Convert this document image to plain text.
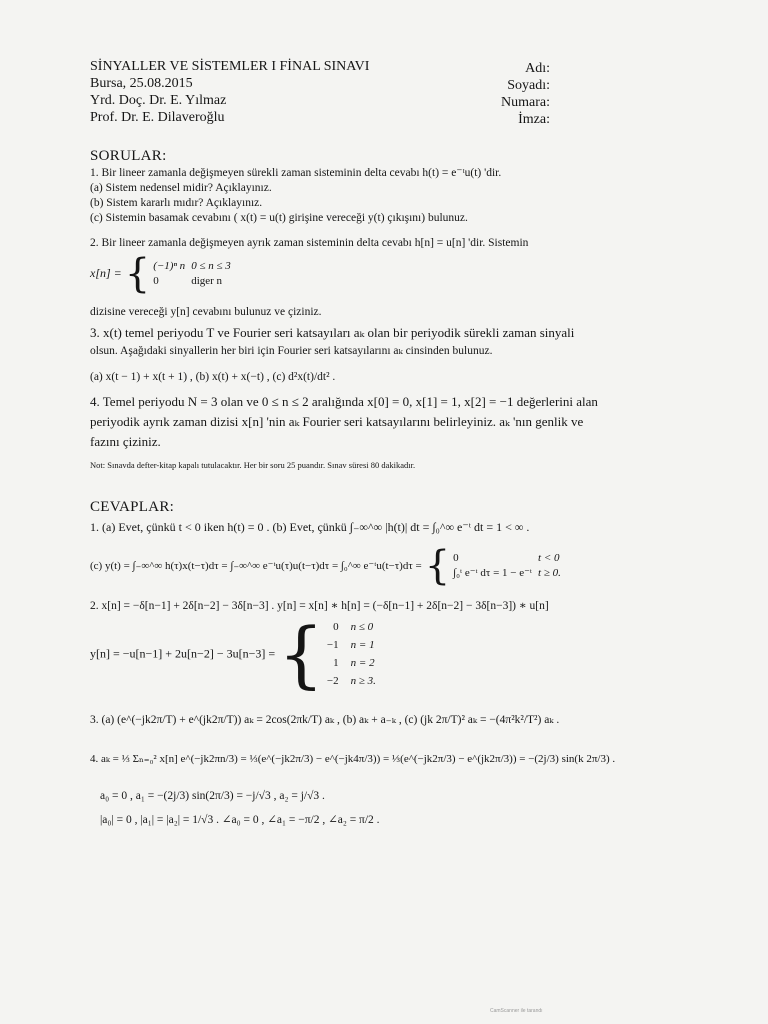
SİNYALLER VE SİSTEMLER I FİNAL SINAVI
Bursa, 25.08.2015
Yrd. Doç. Dr. E. Yılmaz
Prof. Dr. E. Dilaveroğlu
Adı:
Soyadı:
Numara:
İmza:
SORULAR:
1. Bir lineer zamanla değişmeyen sürekli zaman sisteminin delta cevabı h(t) = e⁻ᵗu(t) 'dir.
(a) Sistem nedensel midir? Açıklayınız.
(b) Sistem kararlı mıdır? Açıklayınız.
(c) Sistemin basamak cevabını ( x(t) = u(t) girişine vereceği y(t) çıkışını) bulunuz.
2. Bir lineer zamanla değişmeyen ayrık zaman sisteminin delta cevabı h[n] = u[n] 'dir. Sistemin
x[n] = { (−1)ⁿ n	0 ≤ n ≤ 3
0	diger n
dizisine vereceği y[n] cevabını bulunuz ve çiziniz.
3. x(t) temel periyodu T ve Fourier seri katsayıları aₖ olan bir periyodik sürekli zaman sinyali
olsun. Aşağıdaki sinyallerin her biri için Fourier seri katsayılarını aₖ cinsinden bulunuz.
(a) x(t − 1) + x(t + 1) , (b) x(t) + x(−t) , (c) d²x(t)/dt² .
4. Temel periyodu N = 3 olan ve 0 ≤ n ≤ 2 aralığında x[0] = 0, x[1] = 1, x[2] = −1 değerlerini alan
periyodik ayrık zaman dizisi x[n] 'nin aₖ Fourier seri katsayılarını belirleyiniz. aₖ 'nın genlik ve
fazını çiziniz.
Not: Sınavda defter-kitap kapalı tutulacaktır. Her bir soru 25 puandır. Sınav süresi 80 dakikadır.
CEVAPLAR:
1. (a) Evet, çünkü t < 0 iken h(t) = 0 . (b) Evet, çünkü ∫₋∞^∞ |h(t)| dt = ∫₀^∞ e⁻ᵗ dt = 1 < ∞ .
(c) y(t) = ∫₋∞^∞ h(τ)x(t−τ)dτ = ∫₋∞^∞ e⁻ᵗu(τ)u(t−τ)dτ = ∫₀^∞ e⁻ᵗu(t−τ)dτ = { 0	t < 0
∫₀ᵗ e⁻ᵗ dτ = 1 − e⁻ᵗ	t ≥ 0.
2. x[n] = −δ[n−1] + 2δ[n−2] − 3δ[n−3] . y[n] = x[n] ∗ h[n] = (−δ[n−1] + 2δ[n−2] − 3δ[n−3]) ∗ u[n]
y[n] = −u[n−1] + 2u[n−2] − 3u[n−3] = { 0	n ≤ 0
−1	n = 1
1	n = 2
−2	n ≥ 3.
3. (a) (e^(−jk2π/T) + e^(jk2π/T)) aₖ = 2cos(2πk/T) aₖ , (b) aₖ + a₋ₖ , (c) (jk 2π/T)² aₖ = −(4π²k²/T²) aₖ .
4. aₖ = ⅓ Σₙ₌₀² x[n] e^(−jk2πn/3) = ⅓(e^(−jk2π/3) − e^(−jk4π/3)) = ⅓(e^(−jk2π/3) − e^(jk2π/3)) = −(2j/3) sin(k 2π/3) .
a₀ = 0 , a₁ = −(2j/3) sin(2π/3) = −j/√3 , a₂ = j/√3 .
|a₀| = 0 , |a₁| = |a₂| = 1/√3 . ∠a₀ = 0 , ∠a₁ = −π/2 , ∠a₂ = π/2 .
CamScanner ile tarandı
